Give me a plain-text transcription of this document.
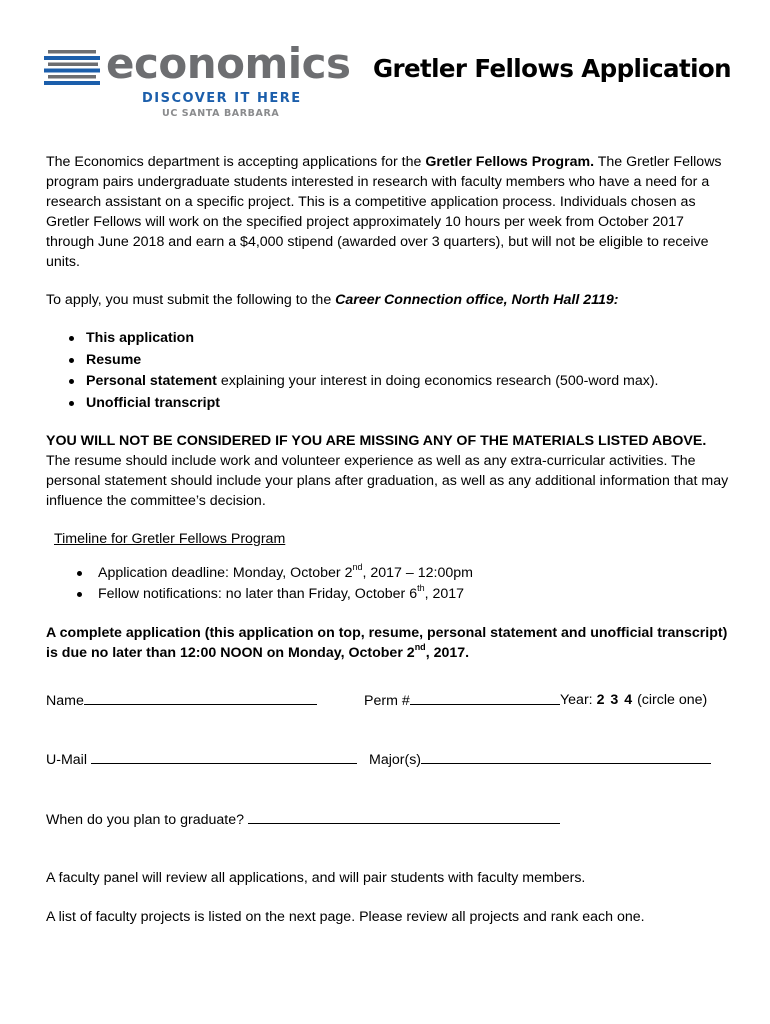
economics
DISCOVER IT HERE
UC SANTA BARBARA
Gretler Fellows Application

The Economics department is accepting applications for the Gretler Fellows Program. The Gretler Fellows program pairs undergraduate students interested in research with faculty members who have a need for a research assistant on a specific project. This is a competitive application process. Individuals chosen as Gretler Fellows will work on the specified project approximately 10 hours per week from October 2017 through June 2018 and earn a $4,000 stipend (awarded over 3 quarters), but will not be eligible to receive units.

To apply, you must submit the following to the Career Connection office, North Hall 2119:

This application
Resume
Personal statement explaining your interest in doing economics research (500-word max).
Unofficial transcript

YOU WILL NOT BE CONSIDERED IF YOU ARE MISSING ANY OF THE MATERIALS LISTED ABOVE. The resume should include work and volunteer experience as well as any extra-curricular activities. The personal statement should include your plans after graduation, as well as any additional information that may influence the committee’s decision.

Timeline for Gretler Fellows Program

Application deadline: Monday, October 2nd, 2017 – 12:00pm
Fellow notifications: no later than Friday, October 6th, 2017

A complete application (this application on top, resume, personal statement and unofficial transcript) is due no later than 12:00 NOON on Monday, October 2nd, 2017.

Name	Perm #	Year: 2 3 4 (circle one)
U-Mail	Major(s)
When do you plan to graduate?

A faculty panel will review all applications, and will pair students with faculty members.

A list of faculty projects is listed on the next page. Please review all projects and rank each one.
